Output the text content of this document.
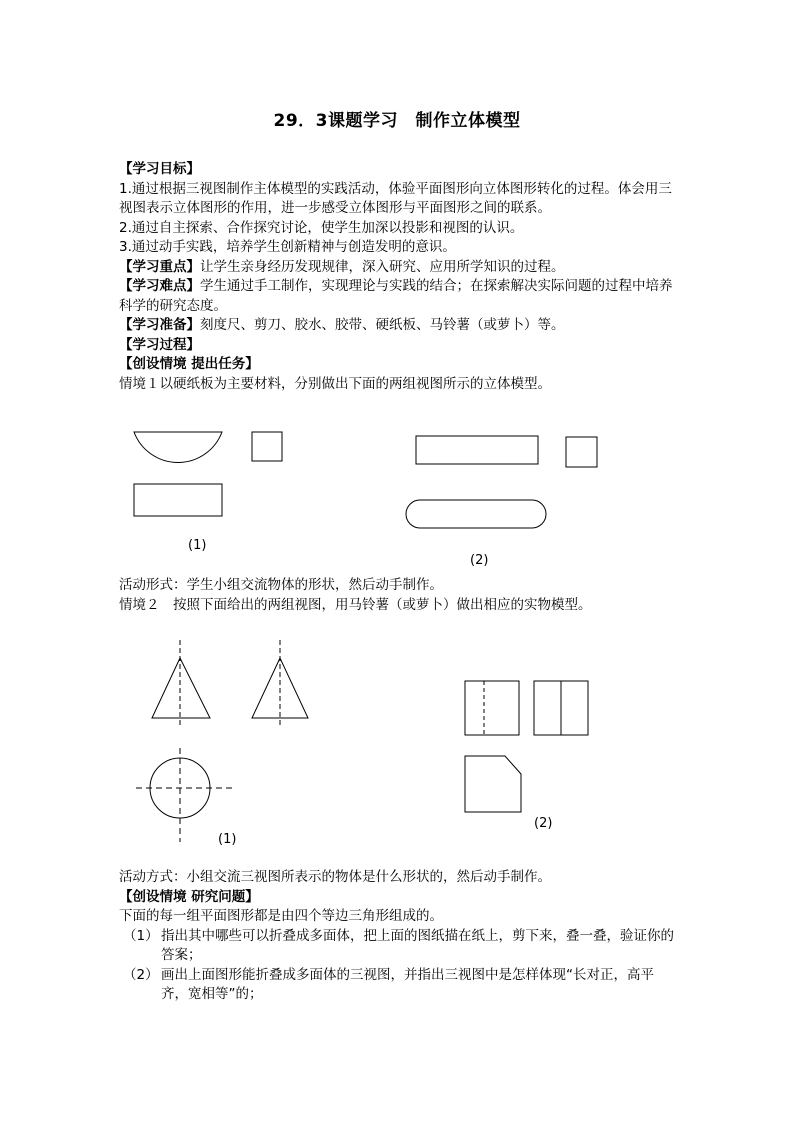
29．3课题学习　制作立体模型
【学习目标】
1.通过根据三视图制作主体模型的实践活动，体验平面图形向立体图形转化的过程。体会用三视图表示立体图形的作用，进一步感受立体图形与平面图形之间的联系。
2.通过自主探索、合作探究讨论，使学生加深以投影和视图的认识。
3.通过动手实践，培养学生创新精神与创造发明的意识。
【学习重点】让学生亲身经历发现规律，深入研究、应用所学知识的过程。
【学习难点】学生通过手工制作，实现理论与实践的结合；在探索解决实际问题的过程中培养科学的研究态度。
【学习准备】刻度尺、剪刀、胶水、胶带、硬纸板、马铃薯（或萝卜）等。
【学习过程】
【创设情境 提出任务】
情境１以硬纸板为主要材料，分别做出下面的两组视图所示的立体模型。
(1)
(2)
活动形式：学生小组交流物体的形状，然后动手制作。
情境２　按照下面给出的两组视图，用马铃薯（或萝卜）做出相应的实物模型。
(1)
(2)
活动方式：小组交流三视图所表示的物体是什么形状的，然后动手制作。
【创设情境 研究问题】
下面的每一组平面图形都是由四个等边三角形组成的。
（1） 指出其中哪些可以折叠成多面体，把上面的图纸描在纸上，剪下来，叠一叠，验证你的答案；
（2） 画出上面图形能折叠成多面体的三视图，并指出三视图中是怎样体现“长对正，高平齐，宽相等”的；
